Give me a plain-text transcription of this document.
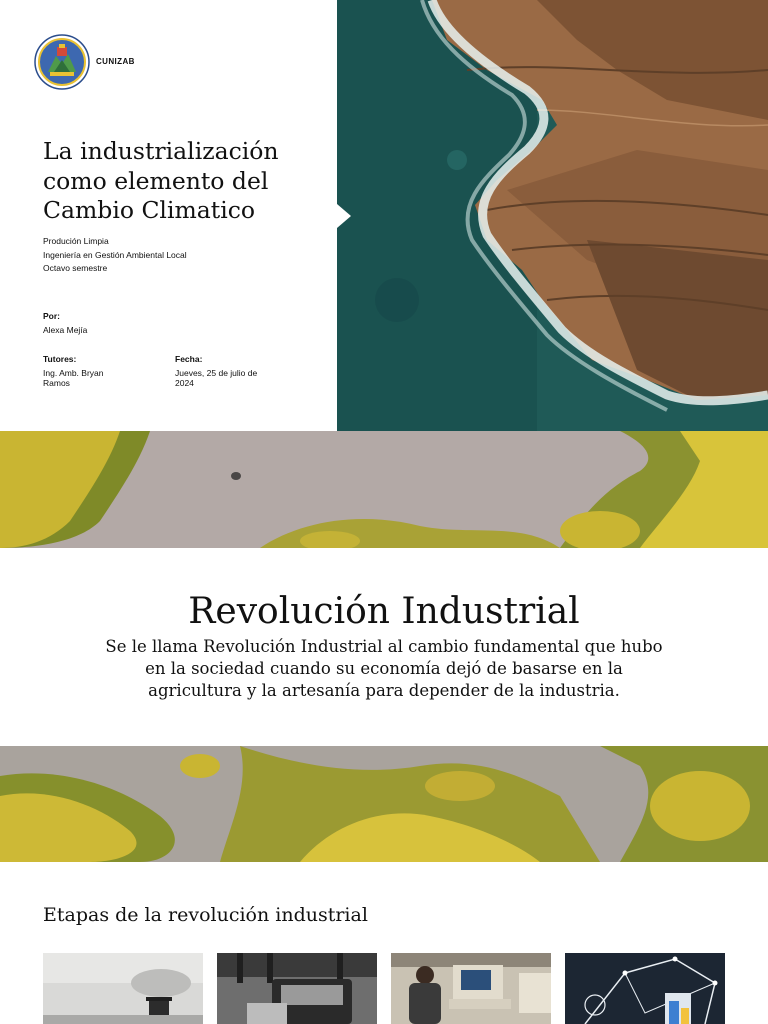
CUNIZAB
La industrialización como elemento del Cambio Climatico
Produción Limpia
Ingeniería en Gestión Ambiental Local
Octavo semestre
Por:
Alexa Mejía
Tutores:
Ing. Amb. Bryan Ramos
Fecha:
Jueves, 25 de julio de 2024
Revolución Industrial

Se le llama Revolución Industrial al cambio fundamental que hubo en la sociedad cuando su economía dejó de basarse en la agricultura y la artesanía para depender de la industria.

Etapas de la revolución industrial
